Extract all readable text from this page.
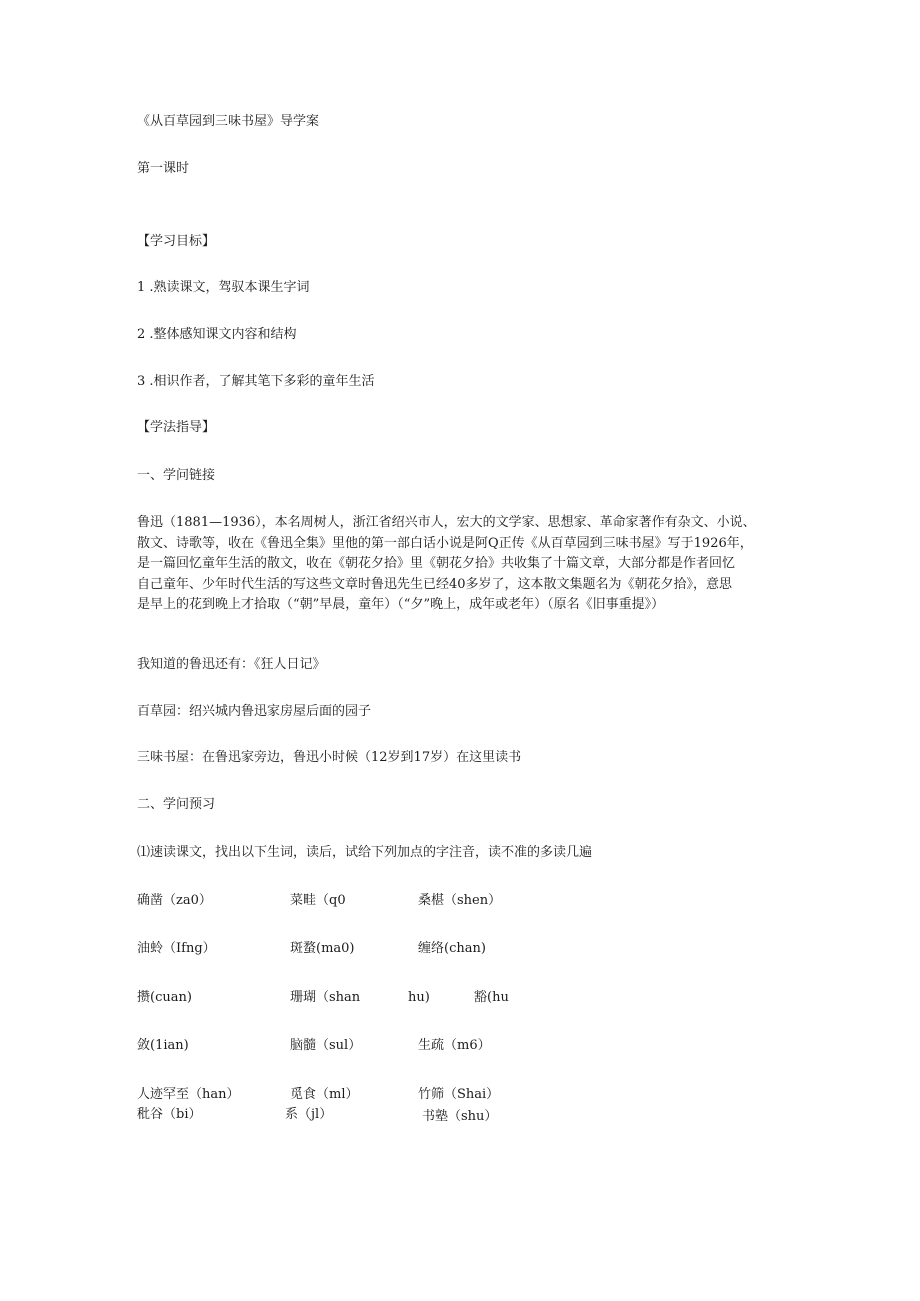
《从百草园到三味书屋》导学案
第一课时
【学习目标】
1 .熟读课文，驾驭本课生字词
2 .整体感知课文内容和结构
3 .相识作者，了解其笔下多彩的童年生活
【学法指导】
一、学问链接
鲁迅（1881—1936），本名周树人，浙江省绍兴市人，宏大的文学家、思想家、革命家著作有杂文、小说、
散文、诗歌等，收在《鲁迅全集》里他的第一部白话小说是阿Q正传《从百草园到三味书屋》写于1926年，
是一篇回忆童年生活的散文，收在《朝花夕拾》里《朝花夕拾》共收集了十篇文章，大部分都是作者回忆
自己童年、少年时代生活的写这些文章时鲁迅先生已经40多岁了，这本散文集题名为《朝花夕拾》，意思
是早上的花到晚上才拾取（“朝”早晨，童年）（“夕”晚上，成年或老年）（原名《旧事重提》）
我知道的鲁迅还有：《狂人日记》
百草园：绍兴城内鲁迅家房屋后面的园子
三味书屋：在鲁迅家旁边，鲁迅小时候（12岁到17岁）在这里读书
二、学问预习
⑴速读课文，找出以下生词，读后，试给下列加点的字注音，读不准的多读几遍
确凿（za0）	菜畦（q0	桑椹（shen）
油蛉（Ifng）	斑蝥(ma0)	缠络(chan)
攒(cuan)	珊瑚（shan	hu)	豁(hu
敛(1ian)	脑髓（sul）	生疏（m6）
人迹罕至（han）	觅食（ml）	竹筛（Shai）
秕谷（bi）	系（jl）	书塾（shu）
